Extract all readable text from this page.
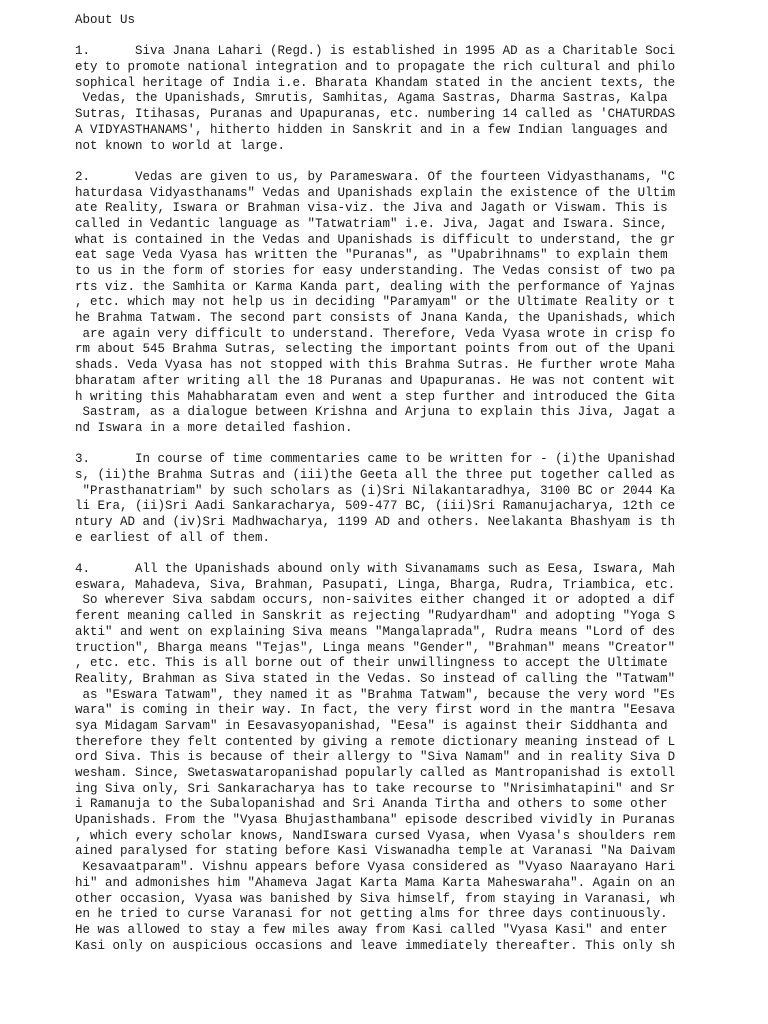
About Us
1.      Siva Jnana Lahari (Regd.) is established in 1995 AD as a Charitable Soci
ety to promote national integration and to propagate the rich cultural and philo
sophical heritage of India i.e. Bharata Khandam stated in the ancient texts, the
Vedas, the Upanishads, Smrutis, Samhitas, Agama Sastras, Dharma Sastras, Kalpa
Sutras, Itihasas, Puranas and Upapuranas, etc. numbering 14 called as 'CHATURDAS
A VIDYASTHANAMS', hitherto hidden in Sanskrit and in a few Indian languages and
not known to world at large.
2.      Vedas are given to us, by Parameswara. Of the fourteen Vidyasthanams, "C
haturdasa Vidyasthanams" Vedas and Upanishads explain the existence of the Ultim
ate Reality, Iswara or Brahman visa-viz. the Jiva and Jagath or Viswam. This is
called in Vedantic language as "Tatwatriam" i.e. Jiva, Jagat and Iswara. Since,
what is contained in the Vedas and Upanishads is difficult to understand, the gr
eat sage Veda Vyasa has written the "Puranas", as "Upabrihnams" to explain them
to us in the form of stories for easy understanding. The Vedas consist of two pa
rts viz. the Samhita or Karma Kanda part, dealing with the performance of Yajnas
, etc. which may not help us in deciding "Paramyam" or the Ultimate Reality or t
he Brahma Tatwam. The second part consists of Jnana Kanda, the Upanishads, which
are again very difficult to understand. Therefore, Veda Vyasa wrote in crisp fo
rm about 545 Brahma Sutras, selecting the important points from out of the Upani
shads. Veda Vyasa has not stopped with this Brahma Sutras. He further wrote Maha
bharatam after writing all the 18 Puranas and Upapuranas. He was not content wit
h writing this Mahabharatam even and went a step further and introduced the Gita
Sastram, as a dialogue between Krishna and Arjuna to explain this Jiva, Jagat a
nd Iswara in a more detailed fashion.
3.      In course of time commentaries came to be written for - (i)the Upanishad
s, (ii)the Brahma Sutras and (iii)the Geeta all the three put together called as
"Prasthanatriam" by such scholars as (i)Sri Nilakantaradhya, 3100 BC or 2044 Ka
li Era, (ii)Sri Aadi Sankaracharya, 509-477 BC, (iii)Sri Ramanujacharya, 12th ce
ntury AD and (iv)Sri Madhwacharya, 1199 AD and others. Neelakanta Bhashyam is th
e earliest of all of them.
4.      All the Upanishads abound only with Sivanamams such as Eesa, Iswara, Mah
eswara, Mahadeva, Siva, Brahman, Pasupati, Linga, Bharga, Rudra, Triambica, etc.
So wherever Siva sabdam occurs, non-saivites either changed it or adopted a dif
ferent meaning called in Sanskrit as rejecting "Rudyardham" and adopting "Yoga S
akti" and went on explaining Siva means "Mangalaprada", Rudra means "Lord of des
truction", Bharga means "Tejas", Linga means "Gender", "Brahman" means "Creator"
, etc. etc. This is all borne out of their unwillingness to accept the Ultimate
Reality, Brahman as Siva stated in the Vedas. So instead of calling the "Tatwam"
as "Eswara Tatwam", they named it as "Brahma Tatwam", because the very word "Es
wara" is coming in their way. In fact, the very first word in the mantra "Eesava
sya Midagam Sarvam" in Eesavasyopanishad, "Eesa" is against their Siddhanta and
therefore they felt contented by giving a remote dictionary meaning instead of L
ord Siva. This is because of their allergy to "Siva Namam" and in reality Siva D
wesham. Since, Swetaswataropanishad popularly called as Mantropanishad is extoll
ing Siva only, Sri Sankaracharya has to take recourse to "Nrisimhatapini" and Sr
i Ramanuja to the Subalopanishad and Sri Ananda Tirtha and others to some other
Upanishads. From the "Vyasa Bhujasthambana" episode described vividly in Puranas
, which every scholar knows, NandIswara cursed Vyasa, when Vyasa's shoulders rem
ained paralysed for stating before Kasi Viswanadha temple at Varanasi "Na Daivam
Kesavaatparam". Vishnu appears before Vyasa considered as "Vyaso Naarayano Hari
hi" and admonishes him "Ahameva Jagat Karta Mama Karta Maheswaraha". Again on an
other occasion, Vyasa was banished by Siva himself, from staying in Varanasi, wh
en he tried to curse Varanasi for not getting alms for three days continuously.
He was allowed to stay a few miles away from Kasi called "Vyasa Kasi" and enter
Kasi only on auspicious occasions and leave immediately thereafter. This only sh
